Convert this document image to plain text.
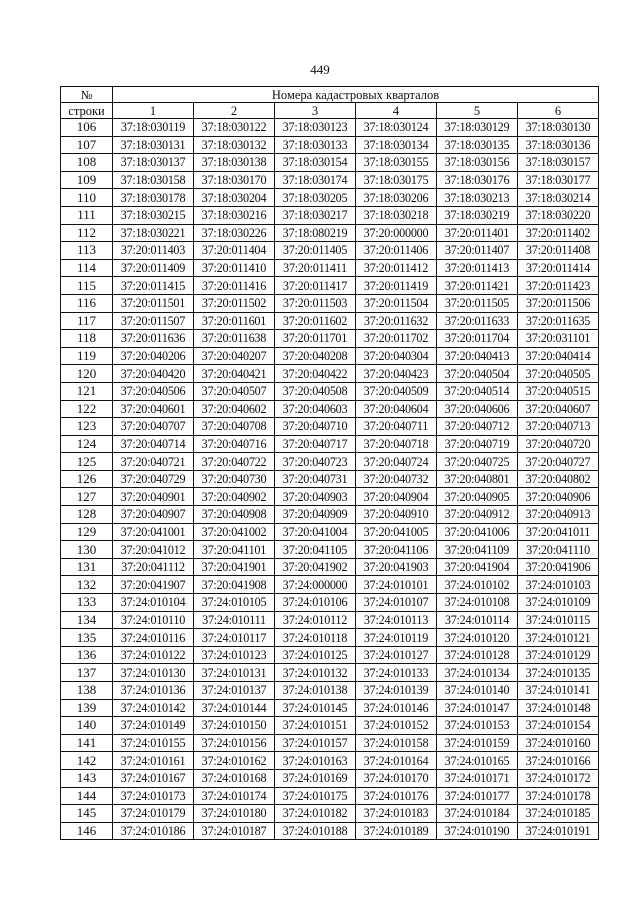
449
№	Номера кадастровых кварталов					
строки	1	2	3	4	5	6
106	37:18:030119	37:18:030122	37:18:030123	37:18:030124	37:18:030129	37:18:030130
107	37:18:030131	37:18:030132	37:18:030133	37:18:030134	37:18:030135	37:18:030136
108	37:18:030137	37:18:030138	37:18:030154	37:18:030155	37:18:030156	37:18:030157
109	37:18:030158	37:18:030170	37:18:030174	37:18:030175	37:18:030176	37:18:030177
110	37:18:030178	37:18:030204	37:18:030205	37:18:030206	37:18:030213	37:18:030214
111	37:18:030215	37:18:030216	37:18:030217	37:18:030218	37:18:030219	37:18:030220
112	37:18:030221	37:18:030226	37:18:080219	37:20:000000	37:20:011401	37:20:011402
113	37:20:011403	37:20:011404	37:20:011405	37:20:011406	37:20:011407	37:20:011408
114	37:20:011409	37:20:011410	37:20:011411	37:20:011412	37:20:011413	37:20:011414
115	37:20:011415	37:20:011416	37:20:011417	37:20:011419	37:20:011421	37:20:011423
116	37:20:011501	37:20:011502	37:20:011503	37:20:011504	37:20:011505	37:20:011506
117	37:20:011507	37:20:011601	37:20:011602	37:20:011632	37:20:011633	37:20:011635
118	37:20:011636	37:20:011638	37:20:011701	37:20:011702	37:20:011704	37:20:031101
119	37:20:040206	37:20:040207	37:20:040208	37:20:040304	37:20:040413	37:20:040414
120	37:20:040420	37:20:040421	37:20:040422	37:20:040423	37:20:040504	37:20:040505
121	37:20:040506	37:20:040507	37:20:040508	37:20:040509	37:20:040514	37:20:040515
122	37:20:040601	37:20:040602	37:20:040603	37:20:040604	37:20:040606	37:20:040607
123	37:20:040707	37:20:040708	37:20:040710	37:20:040711	37:20:040712	37:20:040713
124	37:20:040714	37:20:040716	37:20:040717	37:20:040718	37:20:040719	37:20:040720
125	37:20:040721	37:20:040722	37:20:040723	37:20:040724	37:20:040725	37:20:040727
126	37:20:040729	37:20:040730	37:20:040731	37:20:040732	37:20:040801	37:20:040802
127	37:20:040901	37:20:040902	37:20:040903	37:20:040904	37:20:040905	37:20:040906
128	37:20:040907	37:20:040908	37:20:040909	37:20:040910	37:20:040912	37:20:040913
129	37:20:041001	37:20:041002	37:20:041004	37:20:041005	37:20:041006	37:20:041011
130	37:20:041012	37:20:041101	37:20:041105	37:20:041106	37:20:041109	37:20:041110
131	37:20:041112	37:20:041901	37:20:041902	37:20:041903	37:20:041904	37:20:041906
132	37:20:041907	37:20:041908	37:24:000000	37:24:010101	37:24:010102	37:24:010103
133	37:24:010104	37:24:010105	37:24:010106	37:24:010107	37:24:010108	37:24:010109
134	37:24:010110	37:24:010111	37:24:010112	37:24:010113	37:24:010114	37:24:010115
135	37:24:010116	37:24:010117	37:24:010118	37:24:010119	37:24:010120	37:24:010121
136	37:24:010122	37:24:010123	37:24:010125	37:24:010127	37:24:010128	37:24:010129
137	37:24:010130	37:24:010131	37:24:010132	37:24:010133	37:24:010134	37:24:010135
138	37:24:010136	37:24:010137	37:24:010138	37:24:010139	37:24:010140	37:24:010141
139	37:24:010142	37:24:010144	37:24:010145	37:24:010146	37:24:010147	37:24:010148
140	37:24:010149	37:24:010150	37:24:010151	37:24:010152	37:24:010153	37:24:010154
141	37:24:010155	37:24:010156	37:24:010157	37:24:010158	37:24:010159	37:24:010160
142	37:24:010161	37:24:010162	37:24:010163	37:24:010164	37:24:010165	37:24:010166
143	37:24:010167	37:24:010168	37:24:010169	37:24:010170	37:24:010171	37:24:010172
144	37:24:010173	37:24:010174	37:24:010175	37:24:010176	37:24:010177	37:24:010178
145	37:24:010179	37:24:010180	37:24:010182	37:24:010183	37:24:010184	37:24:010185
146	37:24:010186	37:24:010187	37:24:010188	37:24:010189	37:24:010190	37:24:010191
